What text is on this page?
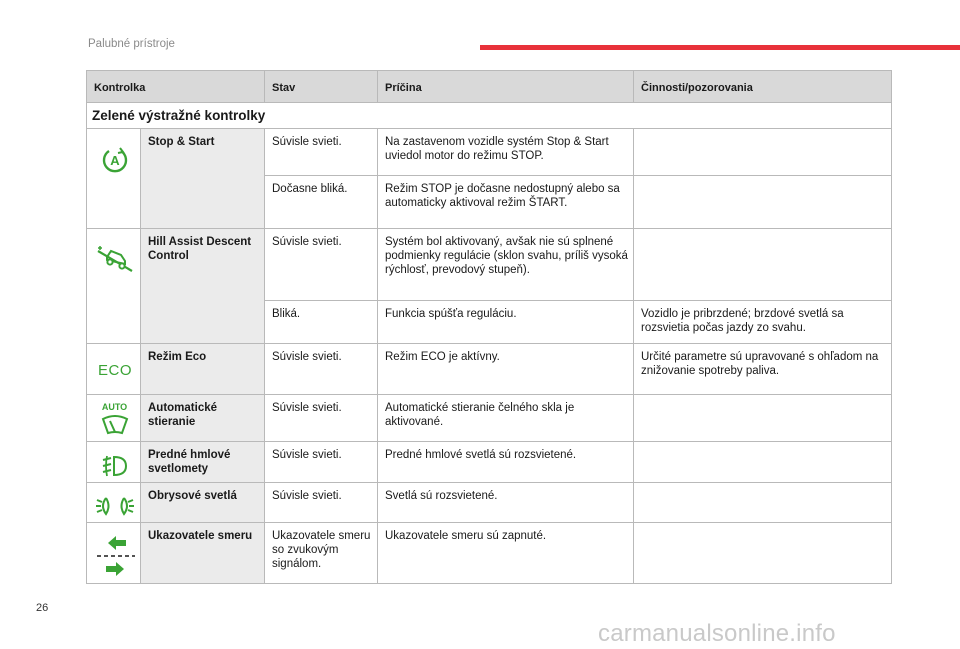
Palubné prístroje
Kontrolka		Stav	Príčina	Činnosti/pozorovania
Zelené výstražné kontrolky				

A	Stop & Start	Súvisle svieti.	Na zastavenom vozidle systém Stop & Start uviedol motor do režimu STOP.	
		Dočasne bliká.	Režim STOP je dočasne nedostupný alebo sa automaticky aktivoval režim ŠTART.	

	Hill Assist Descent Control	Súvisle svieti.	Systém bol aktivovaný, avšak nie sú splnené podmienky regulácie (sklon svahu, príliš vysoká rýchlosť, prevodový stupeň).	
		Bliká.	Funkcia spúšťa reguláciu.	Vozidlo je pribrzdené; brzdové svetlá sa rozsvietia počas jazdy zo svahu.

ECO	Režim Eco	Súvisle svieti.	Režim ECO je aktívny.	Určité parametre sú upravované s ohľadom na znižovanie spotreby paliva.

AUTO	Automatické stieranie	Súvisle svieti.	Automatické stieranie čelného skla je aktivované.	

	Predné hmlové svetlomety	Súvisle svieti.	Predné hmlové svetlá sú rozsvietené.	

	Obrysové svetlá	Súvisle svieti.	Svetlá sú rozsvietené.	

	Ukazovatele smeru	Ukazovatele smeru so zvukovým signálom.	Ukazovatele smeru sú zapnuté.	
26
carmanualsonline.info
